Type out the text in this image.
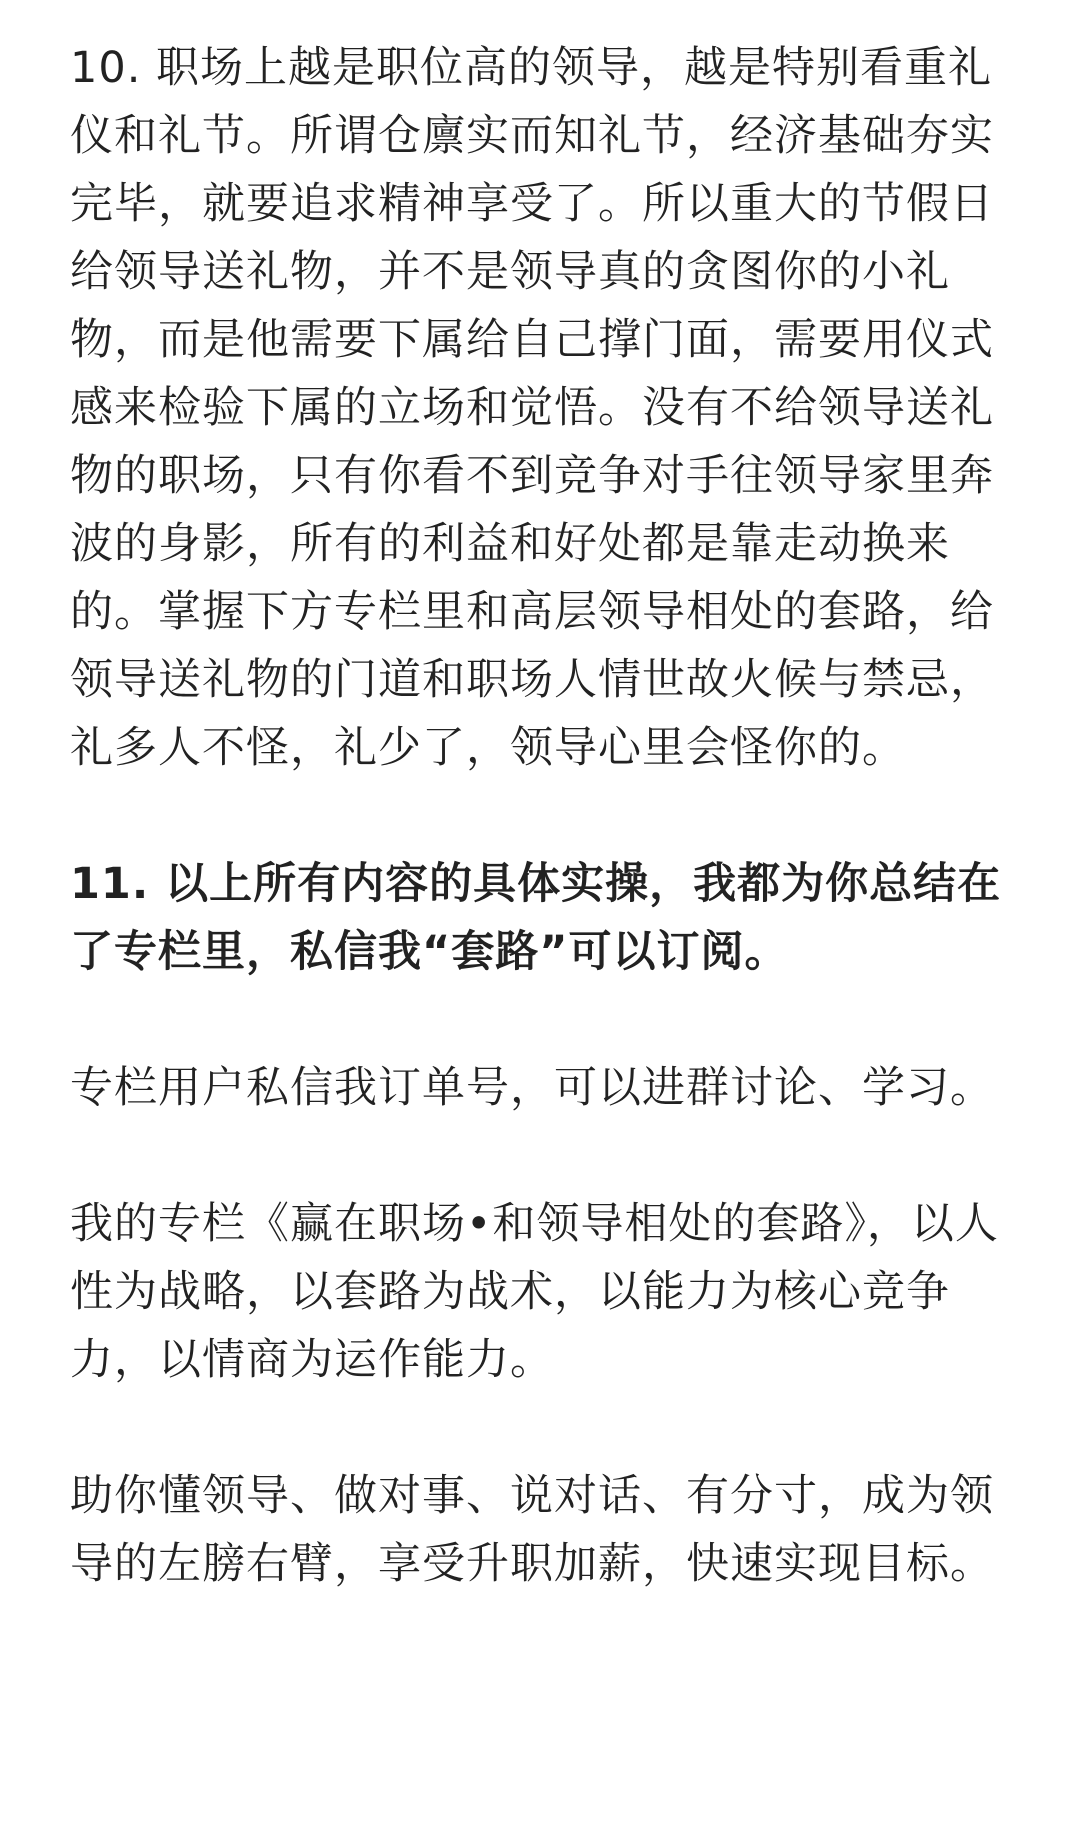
10. 职场上越是职位高的领导，越是特别看重礼仪和礼节。所谓仓廪实而知礼节，经济基础夯实完毕，就要追求精神享受了。所以重大的节假日给领导送礼物，并不是领导真的贪图你的小礼物，而是他需要下属给自己撑门面，需要用仪式感来检验下属的立场和觉悟。没有不给领导送礼物的职场，只有你看不到竞争对手往领导家里奔波的身影，所有的利益和好处都是靠走动换来的。掌握下方专栏里和高层领导相处的套路，给领导送礼物的门道和职场人情世故火候与禁忌，礼多人不怪，礼少了，领导心里会怪你的。

11. 以上所有内容的具体实操，我都为你总结在了专栏里，私信我“套路”可以订阅。

专栏用户私信我订单号，可以进群讨论、学习。

我的专栏《赢在职场•和领导相处的套路》，以人性为战略，以套路为战术，以能力为核心竞争力，以情商为运作能力。

助你懂领导、做对事、说对话、有分寸，成为领导的左膀右臂，享受升职加薪，快速实现目标。
